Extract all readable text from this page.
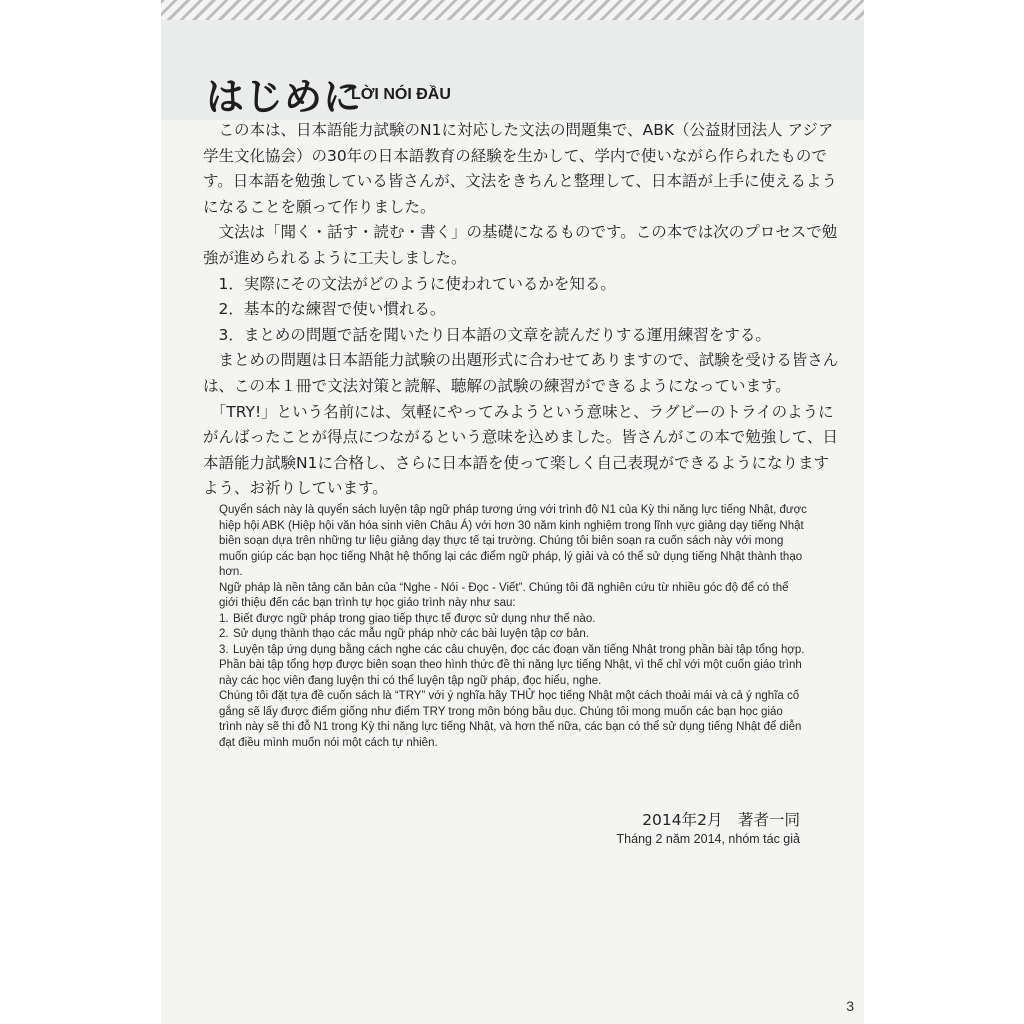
はじめに
LỜI NÓI ĐẦU

　この本は、日本語能力試験のN1に対応した文法の問題集で、ABK（公益財団法人 アジア学生文化協会）の30年の日本語教育の経験を生かして、学内で使いながら作られたものです。日本語を勉強している皆さんが、文法をきちんと整理して、日本語が上手に使えるようになることを願って作りました。

　文法は「聞く・話す・読む・書く」の基礎になるものです。この本では次のプロセスで勉強が進められるように工夫しました。

　1．実際にその文法がどのように使われているかを知る。

　2．基本的な練習で使い慣れる。

　3．まとめの問題で話を聞いたり日本語の文章を読んだりする運用練習をする。

　まとめの問題は日本語能力試験の出題形式に合わせてありますので、試験を受ける皆さんは、この本１冊で文法対策と読解、聴解の試験の練習ができるようになっています。

　「TRY!」という名前には、気軽にやってみようという意味と、ラグビーのトライのようにがんばったことが得点につながるという意味を込めました。皆さんがこの本で勉強して、日本語能力試験N1に合格し、さらに日本語を使って楽しく自己表現ができるようになりますよう、お祈りしています。

Quyển sách này là quyển sách luyện tập ngữ pháp tương ứng với trình độ N1 của Kỳ thi năng lực tiếng Nhật, được hiệp hội ABK (Hiệp hội văn hóa sinh viên Châu Á) với hơn 30 năm kinh nghiệm trong lĩnh vực giảng dạy tiếng Nhật biên soạn dựa trên những tư liệu giảng dạy thực tế tại trường. Chúng tôi biên soạn ra cuốn sách này với mong muốn giúp các bạn học tiếng Nhật hệ thống lại các điểm ngữ pháp, lý giải và có thể sử dụng tiếng Nhật thành thạo hơn.

Ngữ pháp là nền tảng căn bản của “Nghe - Nói - Đọc - Viết”. Chúng tôi đã nghiên cứu từ nhiều góc độ để có thể giới thiệu đến các bạn trình tự học giáo trình này như sau:

1. Biết được ngữ pháp trong giao tiếp thực tế được sử dụng như thế nào.
2. Sử dụng thành thạo các mẫu ngữ pháp nhờ các bài luyện tập cơ bản.
3. Luyện tập ứng dụng bằng cách nghe các câu chuyện, đọc các đoạn văn tiếng Nhật trong phần bài tập tổng hợp.

Phần bài tập tổng hợp được biên soạn theo hình thức đề thi năng lực tiếng Nhật, vì thế chỉ với một cuốn giáo trình này các học viên đang luyện thi có thể luyện tập ngữ pháp, đọc hiểu, nghe.

Chúng tôi đặt tựa đề cuốn sách là “TRY” với ý nghĩa hãy THỬ học tiếng Nhật một cách thoải mái và cả ý nghĩa cố gắng sẽ lấy được điểm giống như điểm TRY trong môn bóng bầu dục. Chúng tôi mong muốn các bạn học giáo trình này sẽ thi đỗ N1 trong Kỳ thi năng lực tiếng Nhật, và hơn thế nữa, các bạn có thể sử dụng tiếng Nhật để diễn đạt điều mình muốn nói một cách tự nhiên.

2014年2月　著者一同
Tháng 2 năm 2014, nhóm tác giả
3
